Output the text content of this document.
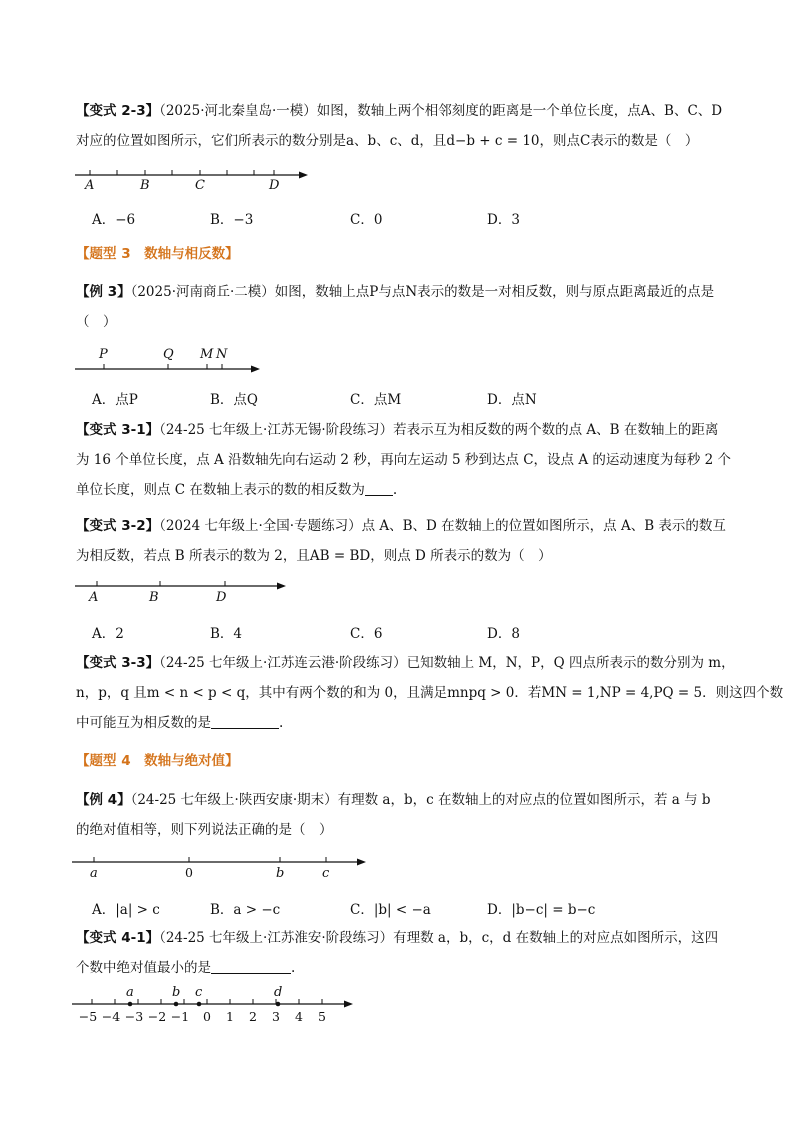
【变式 2-3】（2025·河北秦皇岛·一模）如图，数轴上两个相邻刻度的距离是一个单位长度，点A、B、C、D
对应的位置如图所示，它们所表示的数分别是a、b、c、d，且d−b + c = 10，则点C表示的数是（　）
A	B	C	D
A．−6	B．−3	C．0	D．3
【题型 3　数轴与相反数】
【例 3】（2025·河南商丘·二模）如图，数轴上点P与点N表示的数是一对相反数，则与原点距离最近的点是
（　）
P	Q M N
A．点P	B．点Q	C．点M	D．点N
【变式 3-1】（24-25 七年级上·江苏无锡·阶段练习）若表示互为相反数的两个数的点 A、B 在数轴上的距离
为 16 个单位长度，点 A 沿数轴先向右运动 2 秒，再向左运动 5 秒到达点 C，设点 A 的运动速度为每秒 2 个
单位长度，则点 C 在数轴上表示的数的相反数为 .
【变式 3-2】（2024 七年级上·全国·专题练习）点 A、B、D 在数轴上的位置如图所示，点 A、B 表示的数互
为相反数，若点 B 所表示的数为 2，且AB = BD，则点 D 所表示的数为（　）
A	B	D
A．2	B．4	C．6	D．8
【变式 3-3】（24-25 七年级上·江苏连云港·阶段练习）已知数轴上 M，N，P，Q 四点所表示的数分别为 m，
n，p，q 且m < n < p < q，其中有两个数的和为 0，且满足mnpq > 0．若MN = 1,NP = 4,PQ = 5．则这四个数
中可能互为相反数的是	.
【题型 4　数轴与绝对值】
【例 4】（24-25 七年级上·陕西安康·期末）有理数 a，b，c 在数轴上的对应点的位置如图所示，若 a 与 b
的绝对值相等，则下列说法正确的是（　）
a	0	b	c
A．|a| > c	B．a > −c	C．|b| < −a	D．|b−c| = b−c
【变式 4-1】（24-25 七年级上·江苏淮安·阶段练习）有理数 a，b，c，d 在数轴上的对应点如图所示，这四
个数中绝对值最小的是	.
a	b c	d
−5 −4 −3 −2 −1 0 1 2 3 4 5
